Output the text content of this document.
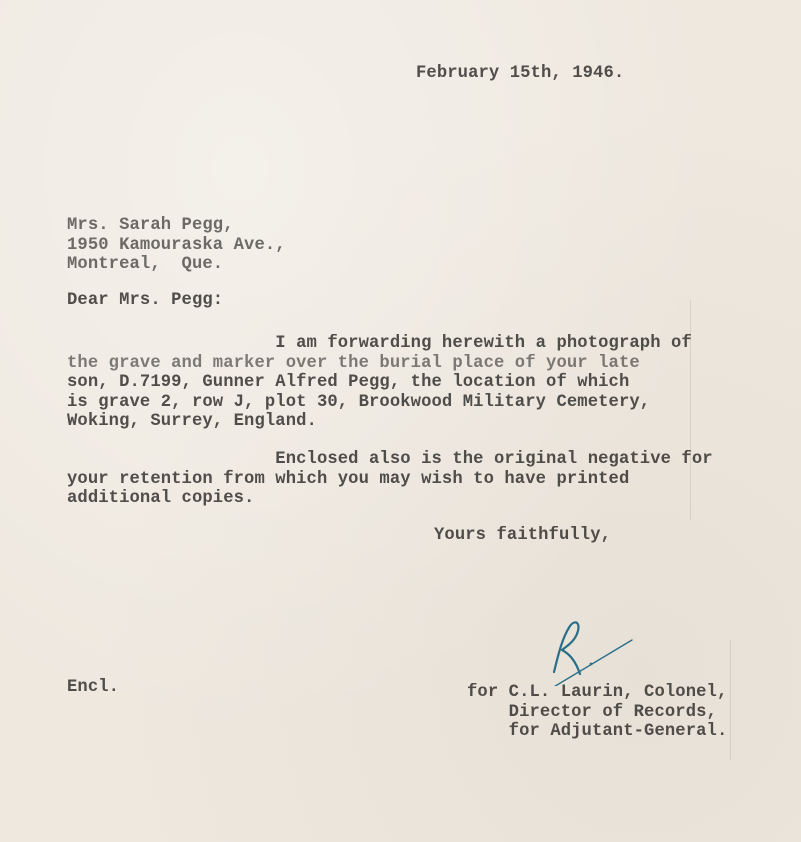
February 15th, 1946.
Mrs. Sarah Pegg,
1950 Kamouraska Ave.,
Montreal,  Que.
Dear Mrs. Pegg:
I am forwarding herewith a photograph of
the grave and marker over the burial place of your late
son, D.7199, Gunner Alfred Pegg, the location of which
is grave 2, row J, plot 30, Brookwood Military Cemetery,
Woking, Surrey, England.
Enclosed also is the original negative for
your retention from which you may wish to have printed
additional copies.
Yours faithfully,
Encl.	for C.L. Laurin, Colonel,
Director of Records,
for Adjutant-General.
